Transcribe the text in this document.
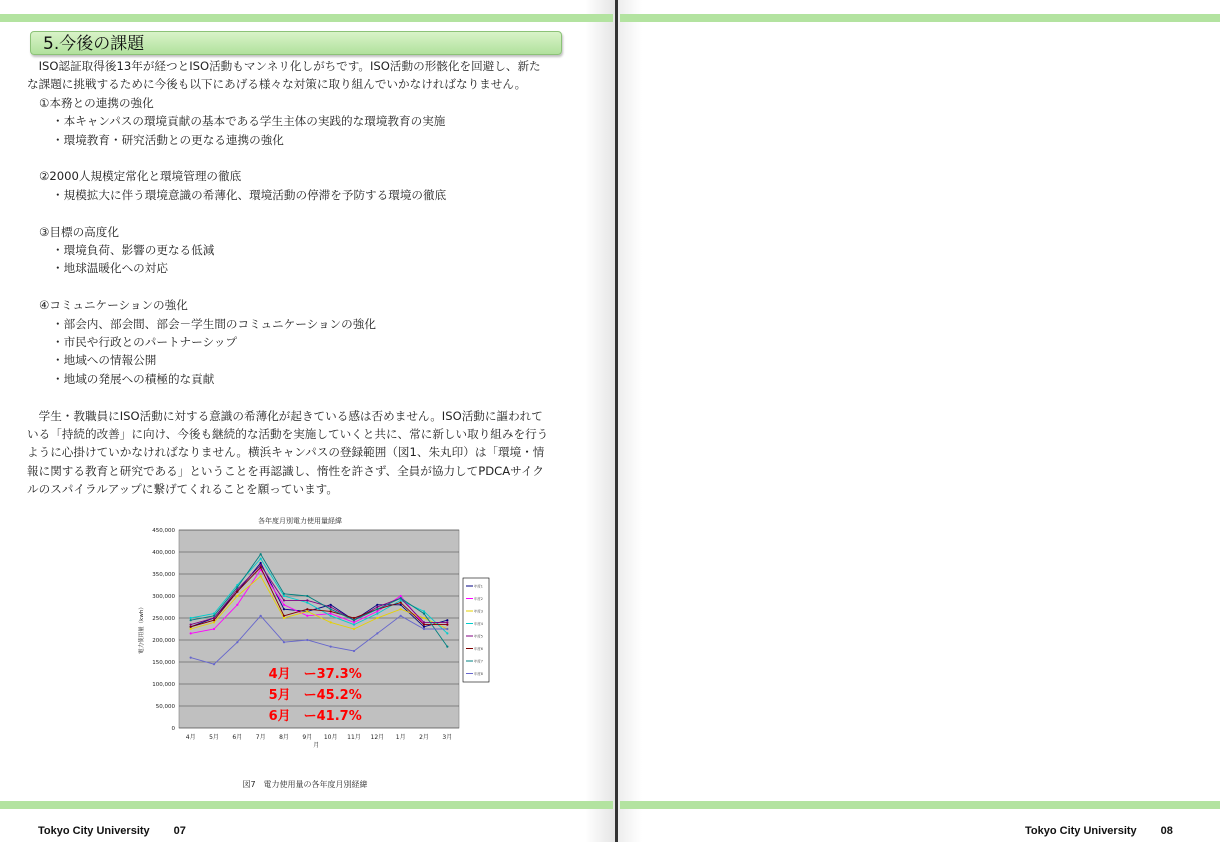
5.今後の課題

　ISO認証取得後13年が経つとISO活動もマンネリ化しがちです。ISO活動の形骸化を回避し、新た

な課題に挑戦するために今後も以下にあげる様々な対策に取り組んでいかなければなりません。

①本務との連携の強化

・本キャンパスの環境貢献の基本である学生主体の実践的な環境教育の実施

・環境教育・研究活動との更なる連携の強化

②2000人規模定常化と環境管理の徹底

・規模拡大に伴う環境意識の希薄化、環境活動の停滞を予防する環境の徹底

③目標の高度化

・環境負荷、影響の更なる低減

・地球温暖化への対応

④コミュニケーションの強化

・部会内、部会間、部会－学生間のコミュニケーションの強化

・市民や行政とのパートナーシップ

・地域への情報公開

・地域の発展への積極的な貢献

　学生・教職員にISO活動に対する意識の希薄化が起きている感は否めません。ISO活動に謳われて

いる「持続的改善」に向け、今後も継続的な活動を実施していくと共に、常に新しい取り組みを行う

ように心掛けていかなければなりません。横浜キャンパスの登録範囲（図1、朱丸印）は「環境・情

報に関する教育と研究である」ということを再認識し、惰性を許さず、全員が協力してPDCAサイク

ルのスパイラルアップに繋げてくれることを願っています。

各年度月別電力使用量経緯
0
50,000
100,000
150,000
200,000
250,000
300,000
350,000
400,000
450,000
4月 5月 6月 7月 8月 9月 10月 11月 12月 1月 2月 3月
月
電力使用量（kwh）
年度1
年度2
年度3
年度4
年度5
年度6
年度7
年度8
4月　ー37.3%
5月　ー45.2%
6月　ー41.7%
図7　電力使用量の各年度月別経緯
Tokyo City University 07	Tokyo City University 08
